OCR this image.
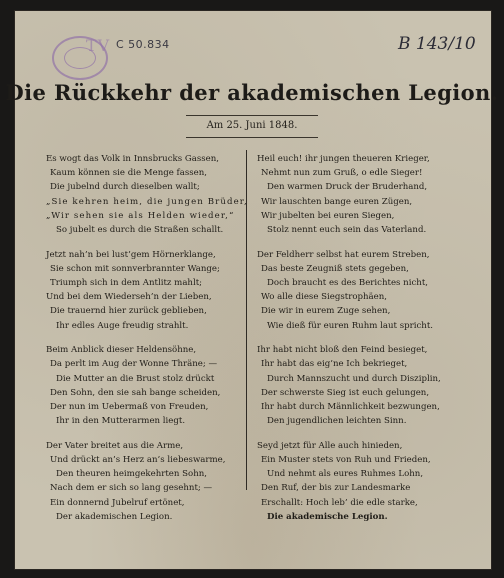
TV C 50.834	B 143/10
Die Rückkehr der akademischen Legion.
Am 25. Juni 1848.
Es wogt das Volk in Innsbrucks Gassen,
Kaum können sie die Menge fassen,
Die jubelnd durch dieselben wallt;
„Sie kehren heim, die jungen Brüder,
„Wir sehen sie als Helden wieder,“
So jubelt es durch die Straßen schallt.
Jetzt nah’n bei lust’gem Hörnerklange,
Sie schon mit sonnverbrannter Wange;
Triumph sich in dem Antlitz mahlt;
Und bei dem Wiederseh’n der Lieben,
Die trauernd hier zurück geblieben,
Ihr edles Auge freudig strahlt.
Beim Anblick dieser Heldensöhne,
Da perlt im Aug der Wonne Thräne; —
Die Mutter an die Brust stolz drückt
Den Sohn, den sie sah bange scheiden,
Der nun im Uebermaß von Freuden,
Ihr in den Mutterarmen liegt.
Der Vater breitet aus die Arme,
Und drückt an’s Herz an’s liebeswarme,
Den theuren heimgekehrten Sohn,
Nach dem er sich so lang gesehnt; —
Ein donnernd Jubelruf ertönet,
Der akademischen Legion.
Heil euch! ihr jungen theueren Krieger,
Nehmt nun zum Gruß, o edle Sieger!
Den warmen Druck der Bruderhand,
Wir lauschten bange euren Zügen,
Wir jubelten bei euren Siegen,
Stolz nennt euch sein das Vaterland.
Der Feldherr selbst hat eurem Streben,
Das beste Zeugniß stets gegeben,
Doch braucht es des Berichtes nicht,
Wo alle diese Siegstrophäen,
Die wir in eurem Zuge sehen,
Wie dieß für euren Ruhm laut spricht.
Ihr habt nicht bloß den Feind besieget,
Ihr habt das eig’ne Ich bekrieget,
Durch Mannszucht und durch Disziplin,
Der schwerste Sieg ist euch gelungen,
Ihr habt durch Männlichkeit bezwungen,
Den jugendlichen leichten Sinn.
Seyd jetzt für Alle auch hinieden,
Ein Muster stets von Ruh und Frieden,
Und nehmt als eures Ruhmes Lohn,
Den Ruf, der bis zur Landesmarke
Erschallt: Hoch leb’ die edle starke,
Die akademische Legion.
